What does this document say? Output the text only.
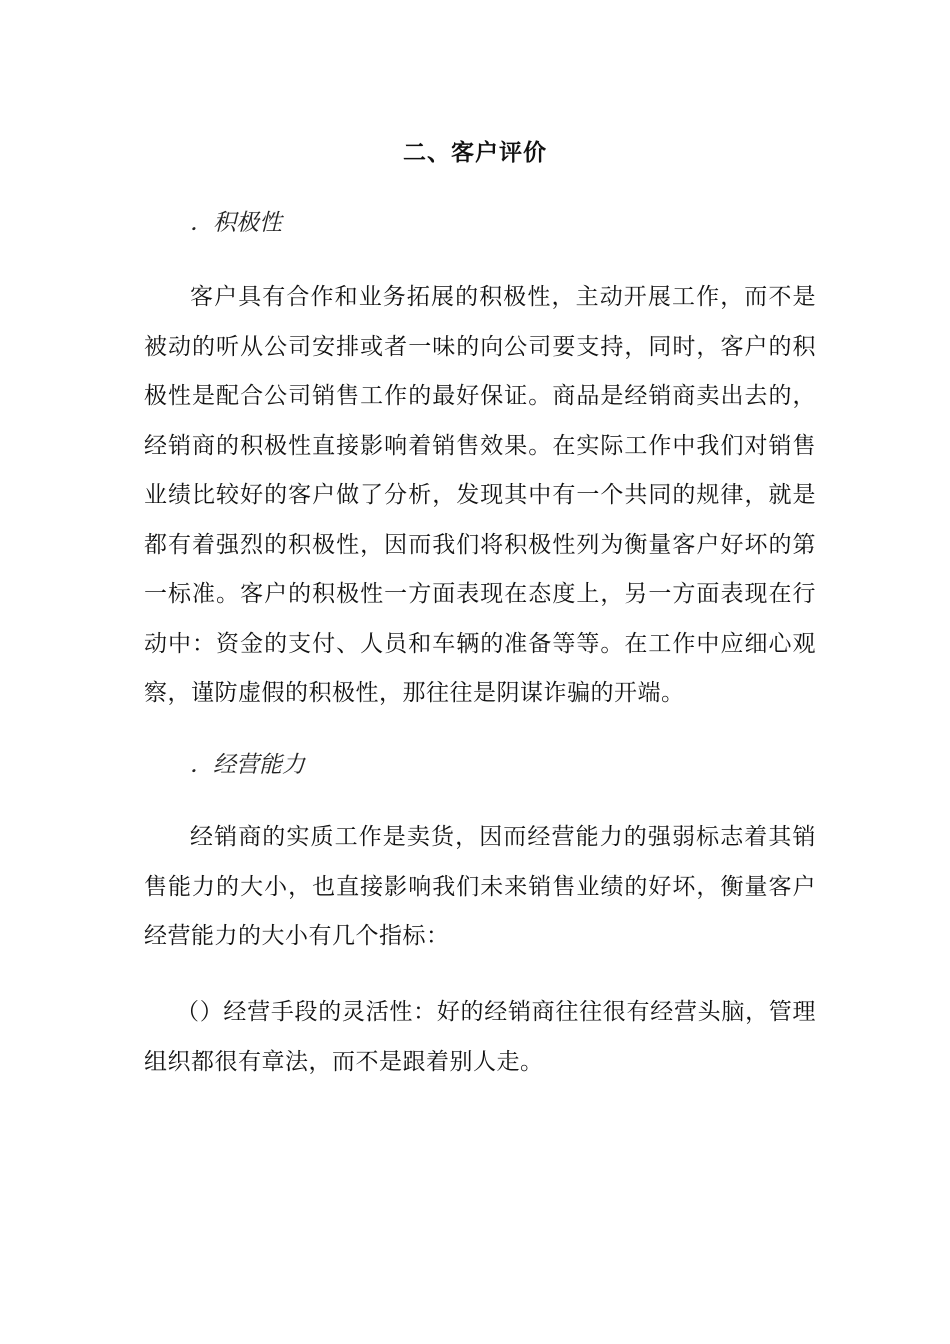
二、客户评价
．积极性
客户具有合作和业务拓展的积极性，主动开展工作，而不是被动的听从公司安排或者一味的向公司要支持，同时，客户的积极性是配合公司销售工作的最好保证。商品是经销商卖出去的，经销商的积极性直接影响着销售效果。在实际工作中我们对销售业绩比较好的客户做了分析，发现其中有一个共同的规律，就是都有着强烈的积极性，因而我们将积极性列为衡量客户好坏的第一标准。客户的积极性一方面表现在态度上，另一方面表现在行动中：资金的支付、人员和车辆的准备等等。在工作中应细心观察，谨防虚假的积极性，那往往是阴谋诈骗的开端。
．经营能力
经销商的实质工作是卖货，因而经营能力的强弱标志着其销售能力的大小，也直接影响我们未来销售业绩的好坏，衡量客户经营能力的大小有几个指标：
（）经营手段的灵活性：好的经销商往往很有经营头脑，管理组织都很有章法，而不是跟着别人走。
